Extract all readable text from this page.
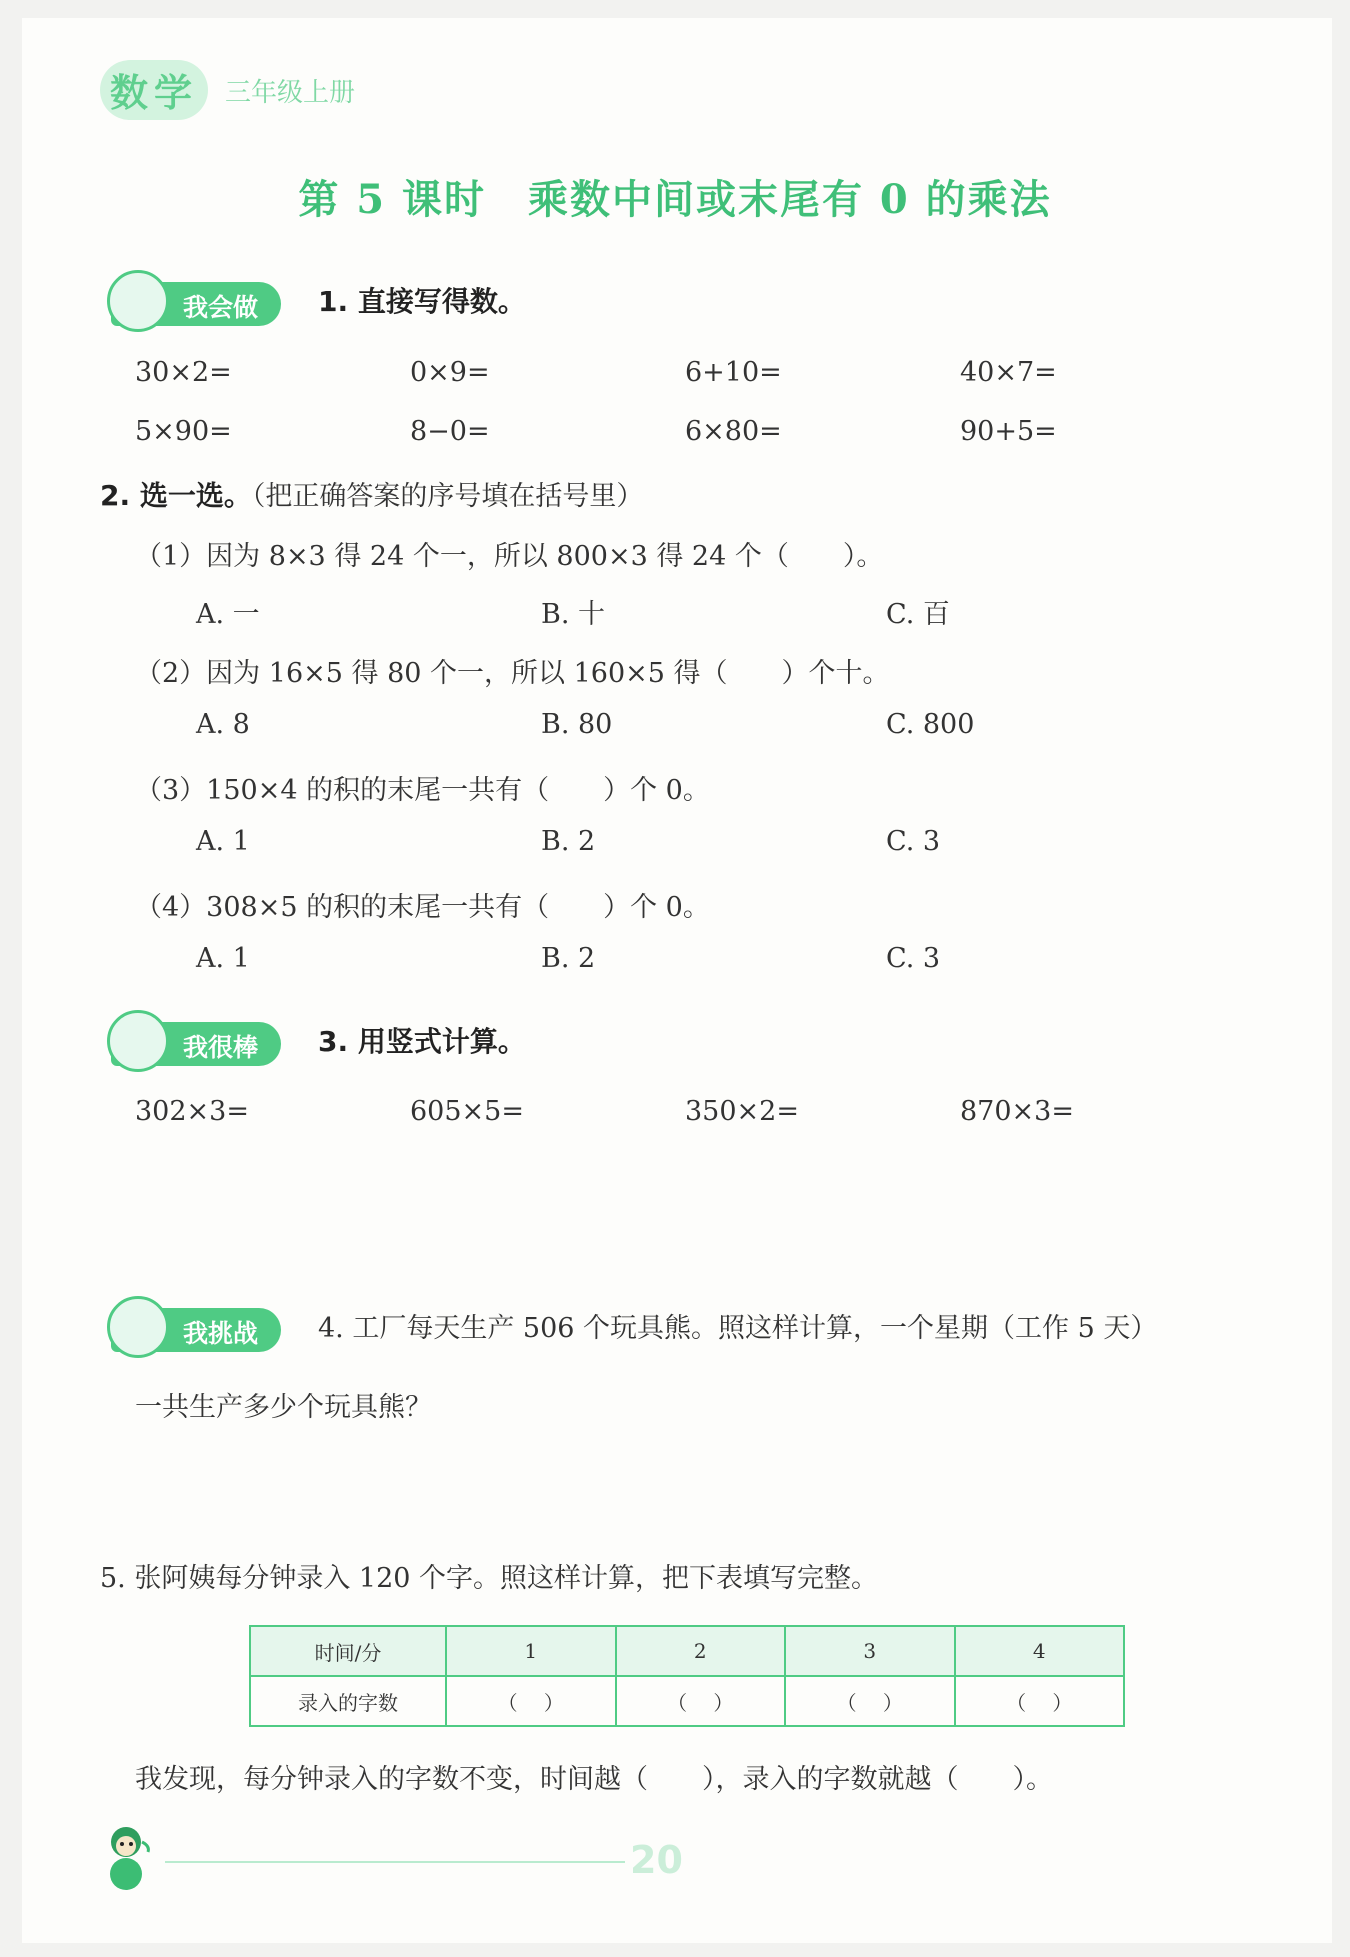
数学 三年级上册
第 5 课时　乘数中间或末尾有 0 的乘法
我会做 1. 直接写得数。
30×2=	0×9=	6+10=	40×7=
5×90=	8−0=	6×80=	90+5=
2. 选一选。（把正确答案的序号填在括号里）
（1）因为 8×3 得 24 个一，所以 800×3 得 24 个（　　）。
A. 一	B. 十	C. 百
（2）因为 16×5 得 80 个一，所以 160×5 得（　　）个十。
A. 8	B. 80	C. 800
（3）150×4 的积的末尾一共有（　　）个 0。
A. 1	B. 2	C. 3
（4）308×5 的积的末尾一共有（　　）个 0。
A. 1	B. 2	C. 3
我很棒 3. 用竖式计算。
302×3=	605×5=	350×2=	870×3=
我挑战 4. 工厂每天生产 506 个玩具熊。照这样计算，一个星期（工作 5 天）
一共生产多少个玩具熊？
5. 张阿姨每分钟录入 120 个字。照这样计算，把下表填写完整。
时间/分	1	2	3	4
录入的字数	（　 ）	（　 ）	（　 ）	（　 ）
我发现，每分钟录入的字数不变，时间越（　　），录入的字数就越（　　）。
20
